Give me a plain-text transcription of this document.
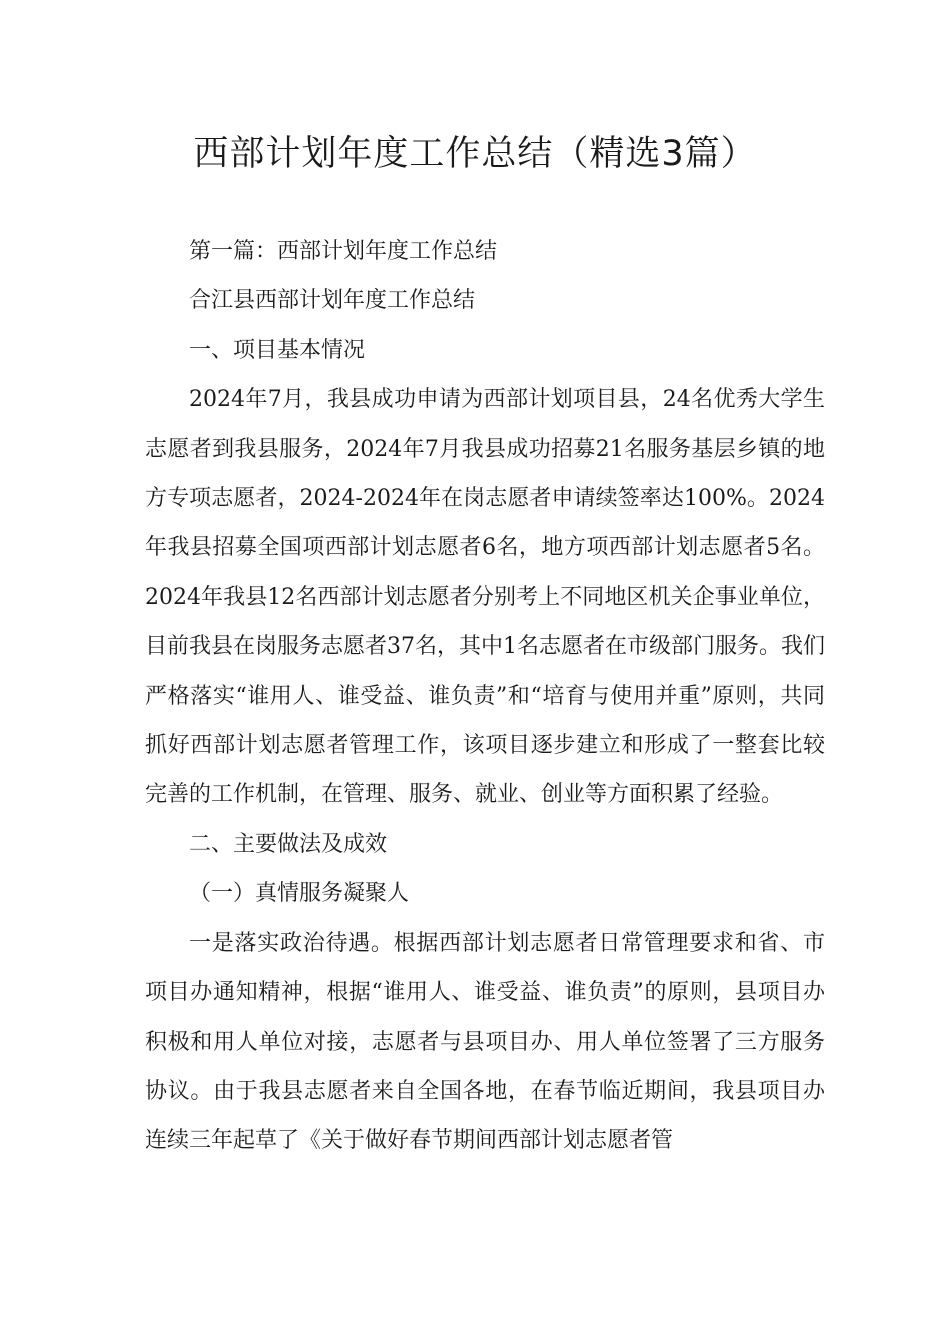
西部计划年度工作总结（精选3篇）

第一篇：西部计划年度工作总结

合江县西部计划年度工作总结

一、项目基本情况

2024年7月，我县成功申请为西部计划项目县，24名优秀大学生志愿者到我县服务，2024年7月我县成功招募21名服务基层乡镇的地方专项志愿者，2024-2024年在岗志愿者申请续签率达100%。2024年我县招募全国项西部计划志愿者6名，地方项西部计划志愿者5名。2024年我县12名西部计划志愿者分别考上不同地区机关企事业单位，目前我县在岗服务志愿者37名，其中1名志愿者在市级部门服务。我们严格落实“谁用人、谁受益、谁负责”和“培育与使用并重”原则，共同抓好西部计划志愿者管理工作，该项目逐步建立和形成了一整套比较完善的工作机制，在管理、服务、就业、创业等方面积累了经验。

二、主要做法及成效

（一）真情服务凝聚人

一是落实政治待遇。根据西部计划志愿者日常管理要求和省、市项目办通知精神，根据“谁用人、谁受益、谁负责”的原则，县项目办积极和用人单位对接，志愿者与县项目办、用人单位签署了三方服务协议。由于我县志愿者来自全国各地，在春节临近期间，我县项目办连续三年起草了《关于做好春节期间西部计划志愿者管
